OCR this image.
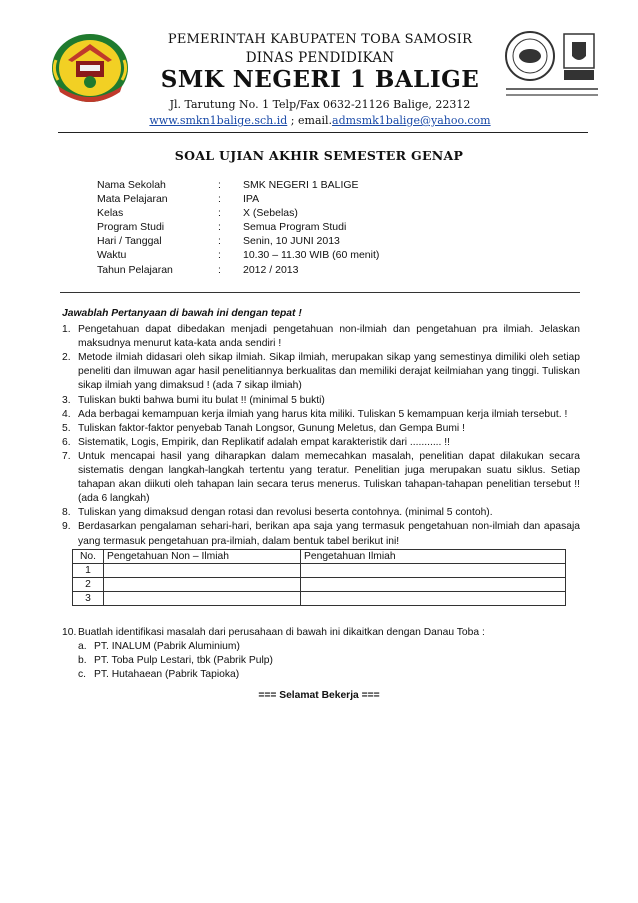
PEMERINTAH KABUPATEN TOBA SAMOSIR
DINAS PENDIDIKAN
SMK NEGERI 1 BALIGE
Jl. Tarutung No. 1 Telp/Fax 0632-21126 Balige, 22312
www.smkn1balige.sch.id ; email.admsmk1balige@yahoo.com
SOAL UJIAN AKHIR SEMESTER GENAP
Nama Sekolah	: SMK NEGERI 1 BALIGE
Mata Pelajaran	: IPA
Kelas	: X (Sebelas)
Program Studi	: Semua Program Studi
Hari / Tanggal	: Senin, 10 JUNI 2013
Waktu	: 10.30 – 11.30 WIB (60 menit)
Tahun Pelajaran	: 2012 / 2013
Jawablah Pertanyaan di bawah ini dengan tepat !
1. Pengetahuan dapat dibedakan menjadi pengetahuan non-ilmiah dan pengetahuan pra ilmiah. Jelaskan maksudnya menurut kata-kata anda sendiri !
2. Metode ilmiah didasari oleh sikap ilmiah. Sikap ilmiah, merupakan sikap yang semestinya dimiliki oleh setiap peneliti dan ilmuwan agar hasil penelitiannya berkualitas dan memiliki derajat keilmiahan yang tinggi. Tuliskan sikap ilmiah yang dimaksud ! (ada 7 sikap ilmiah)
3. Tuliskan bukti bahwa bumi itu bulat !! (minimal 5 bukti)
4. Ada berbagai kemampuan kerja ilmiah yang harus kita miliki. Tuliskan 5 kemampuan kerja ilmiah tersebut. !
5. Tuliskan faktor-faktor penyebab Tanah Longsor, Gunung Meletus, dan Gempa Bumi !
6. Sistematik, Logis, Empirik, dan Replikatif adalah empat karakteristik dari ........... !!
7. Untuk mencapai hasil yang diharapkan dalam memecahkan masalah, penelitian dapat dilakukan secara sistematis dengan langkah-langkah tertentu yang teratur. Penelitian juga merupakan suatu siklus. Setiap tahapan akan diikuti oleh tahapan lain secara terus menerus. Tuliskan tahapan-tahapan penelitian tersebut !! (ada 6 langkah)
8. Tuliskan yang dimaksud dengan rotasi dan revolusi beserta contohnya. (minimal 5 contoh).
9. Berdasarkan pengalaman sehari-hari, berikan apa saja yang termasuk pengetahuan non-ilmiah dan apasaja yang termasuk pengetahuan pra-ilmiah, dalam bentuk tabel berikut ini!
No.	Pengetahuan Non – Ilmiah	Pengetahuan Ilmiah
1		
2		
3		
10. Buatlah identifikasi masalah dari perusahaan di bawah ini dikaitkan dengan Danau Toba :
a. PT. INALUM (Pabrik Aluminium)
b. PT. Toba Pulp Lestari, tbk (Pabrik Pulp)
c. PT. Hutahaean (Pabrik Tapioka)
=== Selamat Bekerja ===
